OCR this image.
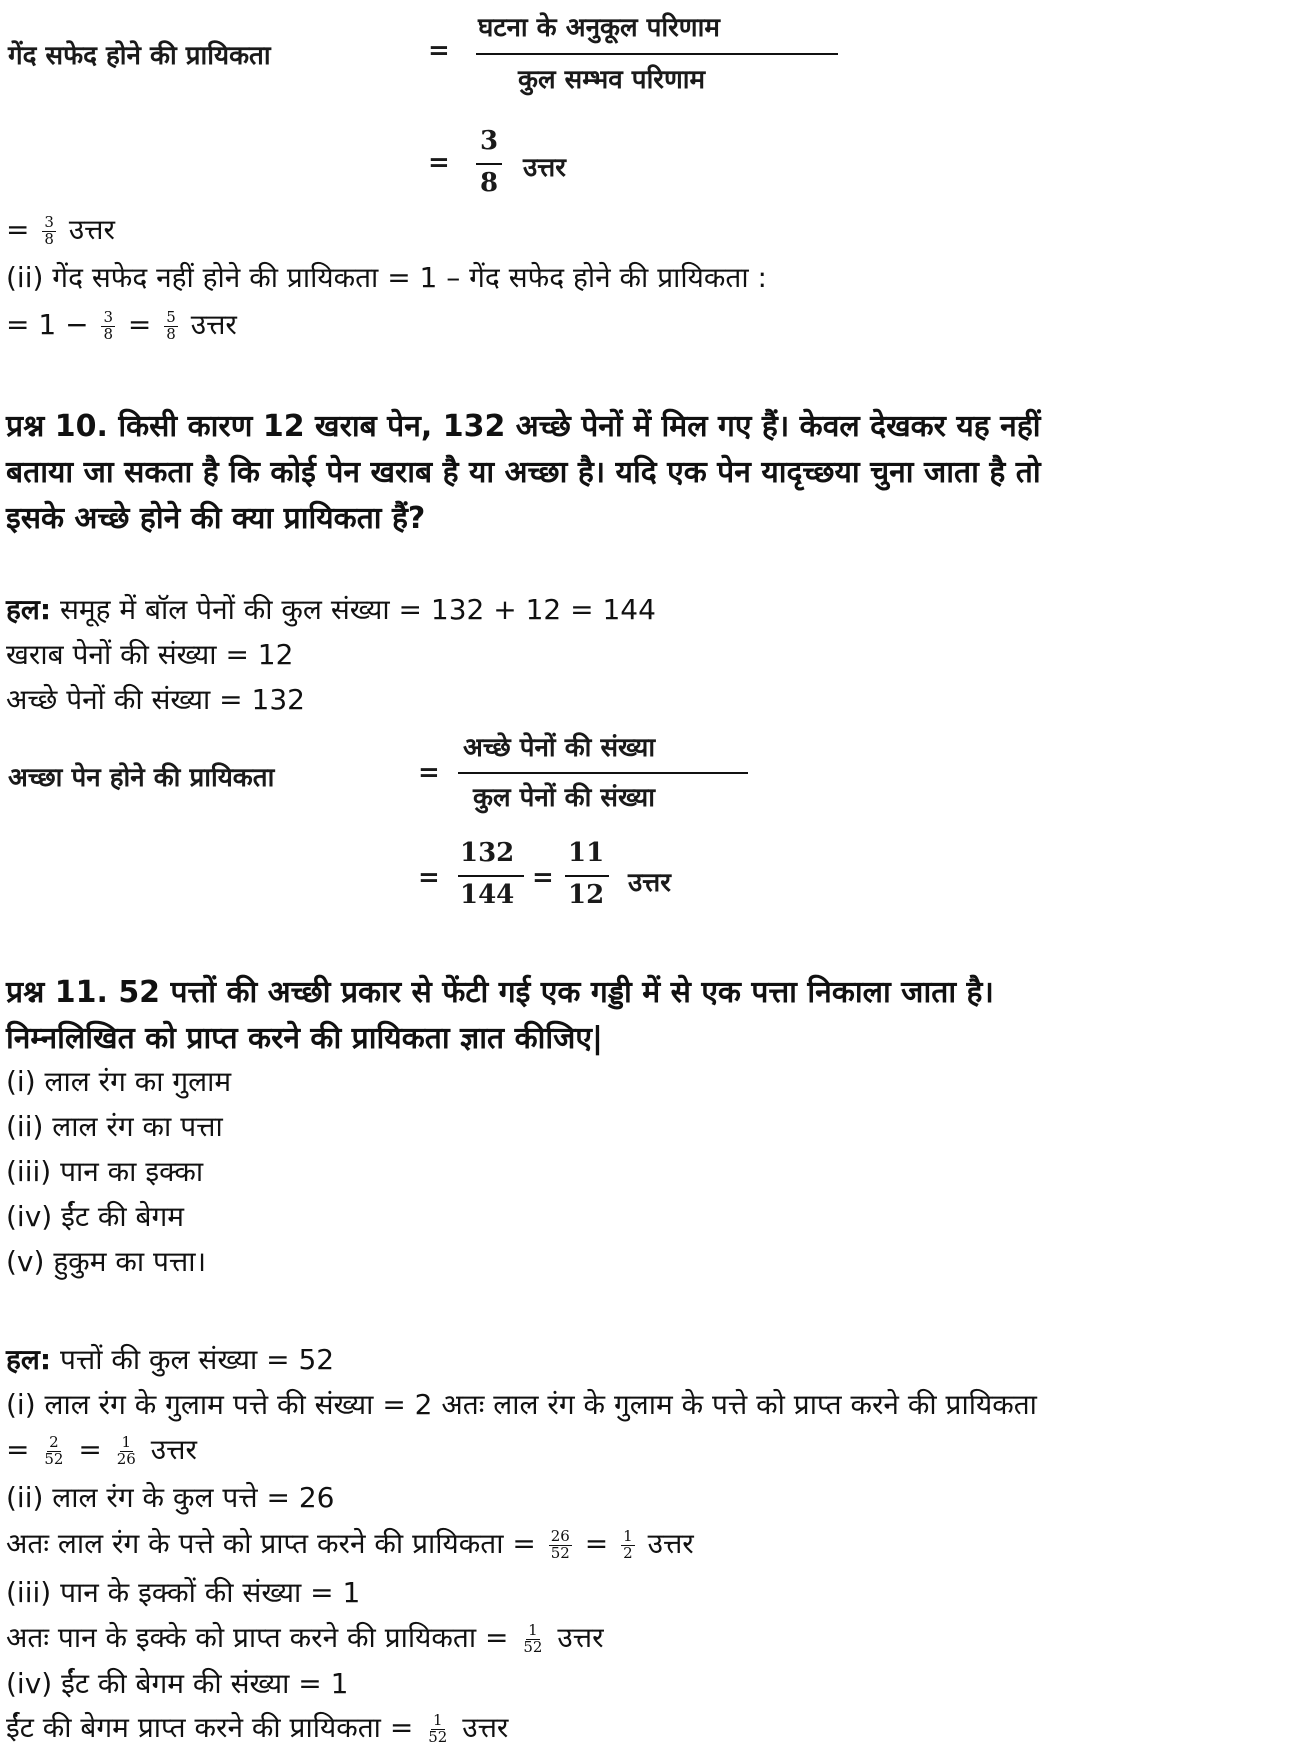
गेंद सफेद होने की प्रायिकता	=
घटना के अनुकूल परिणाम
कुल सम्भव परिणाम
=
3
8 उत्तर
= $\frac{3}{8}$ उत्तर
(ii) गेंद सफेद नहीं होने की प्रायिकता = 1 – गेंद सफेद होने की प्रायिकता :
= $1 - \frac{3}{8} = \frac{5}{8}$ उत्तर
प्रश्न 10. किसी कारण 12 खराब पेन, 132 अच्छे पेनों में मिल गए हैं। केवल देखकर यह नहीं
बताया जा सकता है कि कोई पेन खराब है या अच्छा है। यदि एक पेन यादृच्छया चुना जाता है तो
इसके अच्छे होने की क्या प्रायिकता हैं?
हल: समूह में बॉल पेनों की कुल संख्या = 132 + 12 = 144
खराब पेनों की संख्या = 12
अच्छे पेनों की संख्या = 132
अच्छा पेन होने की प्रायिकता	=
अच्छे पेनों की संख्या
कुल पेनों की संख्या
=
132
144
=
11
12 उत्तर
प्रश्न 11. 52 पत्तों की अच्छी प्रकार से फेंटी गई एक गड्डी में से एक पत्ता निकाला जाता है।
निम्नलिखित को प्राप्त करने की प्रायिकता ज्ञात कीजिए|
(i) लाल रंग का गुलाम
(ii) लाल रंग का पत्ता
(iii) पान का इक्का
(iv) ईंट की बेगम
(v) हुकुम का पत्ता।
हल: पत्तों की कुल संख्या = 52
(i) लाल रंग के गुलाम पत्ते की संख्या = 2 अतः लाल रंग के गुलाम के पत्ते को प्राप्त करने की प्रायिकता
= $\frac{2}{52} = \frac{1}{26}$ उत्तर
(ii) लाल रंग के कुल पत्ते = 26
अतः लाल रंग के पत्ते को प्राप्त करने की प्रायिकता = $\frac{26}{52} = \frac{1}{2}$ उत्तर
(iii) पान के इक्कों की संख्या = 1
अतः पान के इक्के को प्राप्त करने की प्रायिकता = $\frac{1}{52}$ उत्तर
(iv) ईंट की बेगम की संख्या = 1
ईंट की बेगम प्राप्त करने की प्रायिकता = $\frac{1}{52}$ उत्तर
